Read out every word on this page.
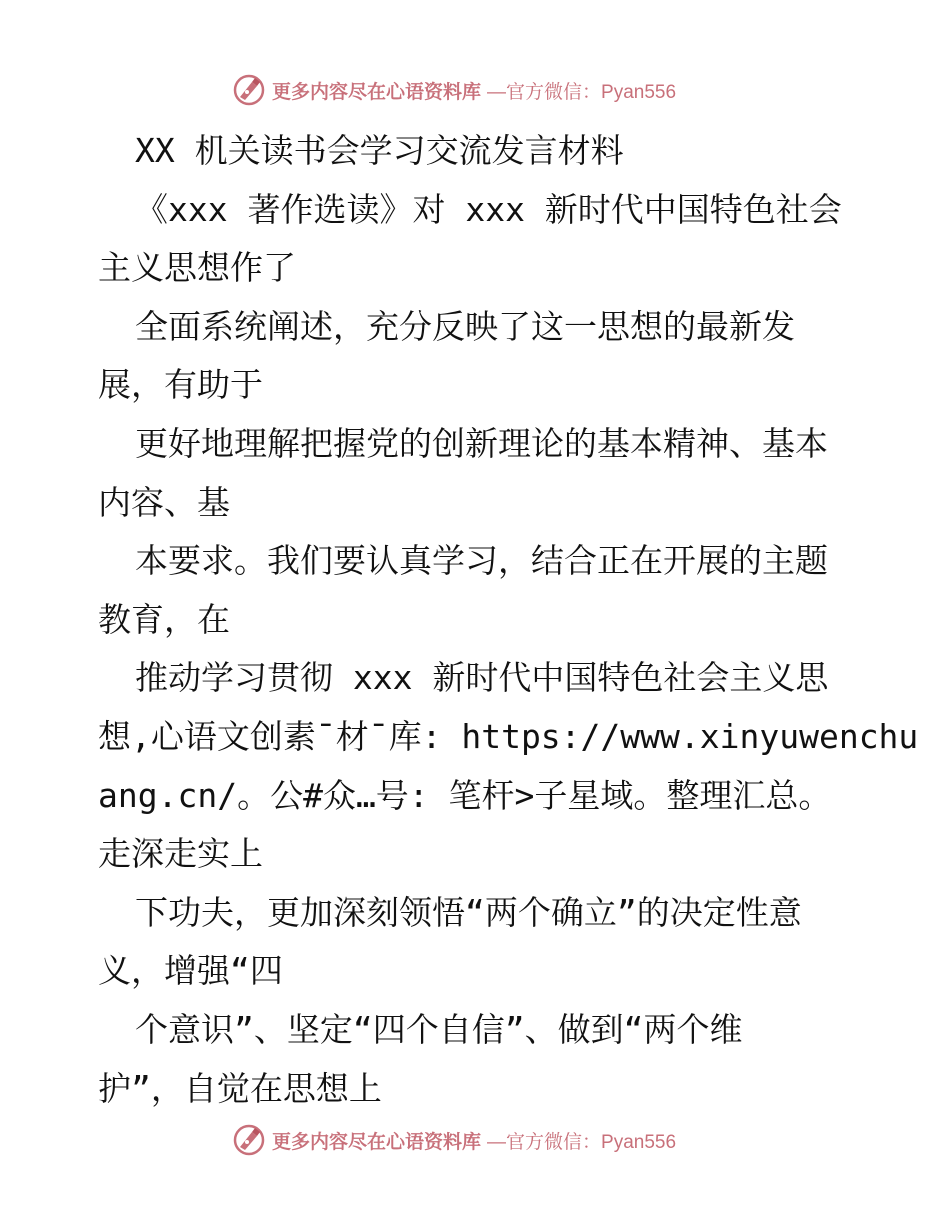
更多内容尽在心语资料库 —官方微信：Pyan556
XX 机关读书会学习交流发言材料
《xxx 著作选读》对 xxx 新时代中国特色社会
主义思想作了
全面系统阐述，充分反映了这一思想的最新发
展，有助于
更好地理解把握党的创新理论的基本精神、基本
内容、基
本要求。我们要认真学习，结合正在开展的主题
教育，在
推动学习贯彻 xxx 新时代中国特色社会主义思
想,心语文创素¯材¯库: https://www.xinyuwenchu
ang.cn/。公#众…号: 笔杆>子星域。整理汇总。
走深走实上
下功夫，更加深刻领悟“两个确立”的决定性意
义，增强“四
个意识”、坚定“四个自信”、做到“两个维
护”，自觉在思想上
更多内容尽在心语资料库 —官方微信：Pyan556
